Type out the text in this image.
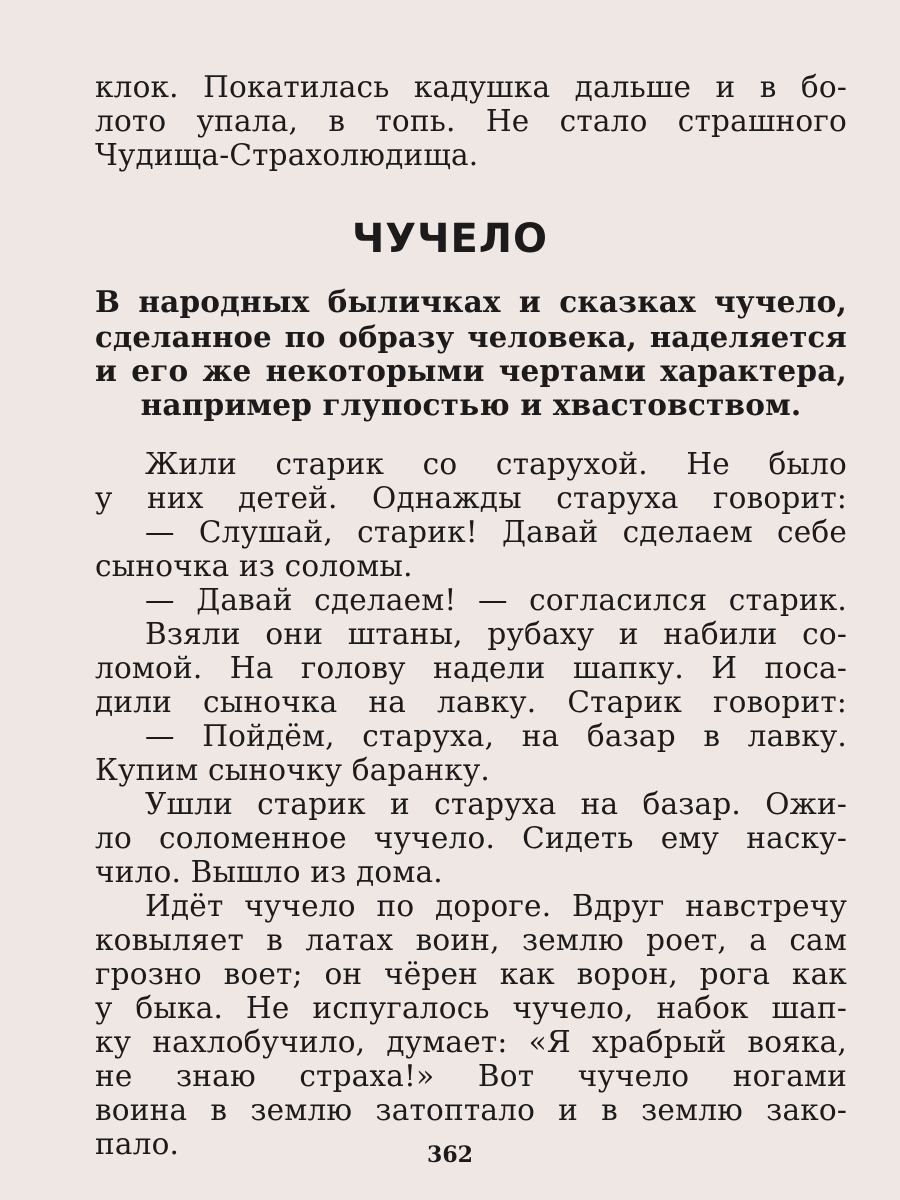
клок. Покатилась кадушка дальше и в бо-
лото упала, в топь. Не стало страшного
Чудища-Страхолюдища.
ЧУЧЕЛО
В народных быличках и сказках чучело,
сделанное по образу человека, наделяется
и его же некоторыми чертами характера,
например глупостью и хвастовством.
Жили старик со старухой. Не было
у них детей. Однажды старуха говорит:
— Слушай, старик! Давай сделаем себе
сыночка из соломы.
— Давай сделаем! — согласился старик.
Взяли они штаны, рубаху и набили со-
ломой. На голову надели шапку. И поса-
дили сыночка на лавку. Старик говорит:
— Пойдём, старуха, на базар в лавку.
Купим сыночку баранку.
Ушли старик и старуха на базар. Ожи-
ло соломенное чучело. Сидеть ему наску-
чило. Вышло из дома.
Идёт чучело по дороге. Вдруг навстречу
ковыляет в латах воин, землю роет, а сам
грозно воет; он чёрен как ворон, рога как
у быка. Не испугалось чучело, набок шап-
ку нахлобучило, думает: «Я храбрый вояка,
не знаю страха!» Вот чучело ногами
воина в землю затоптало и в землю зако-
пало.	362
